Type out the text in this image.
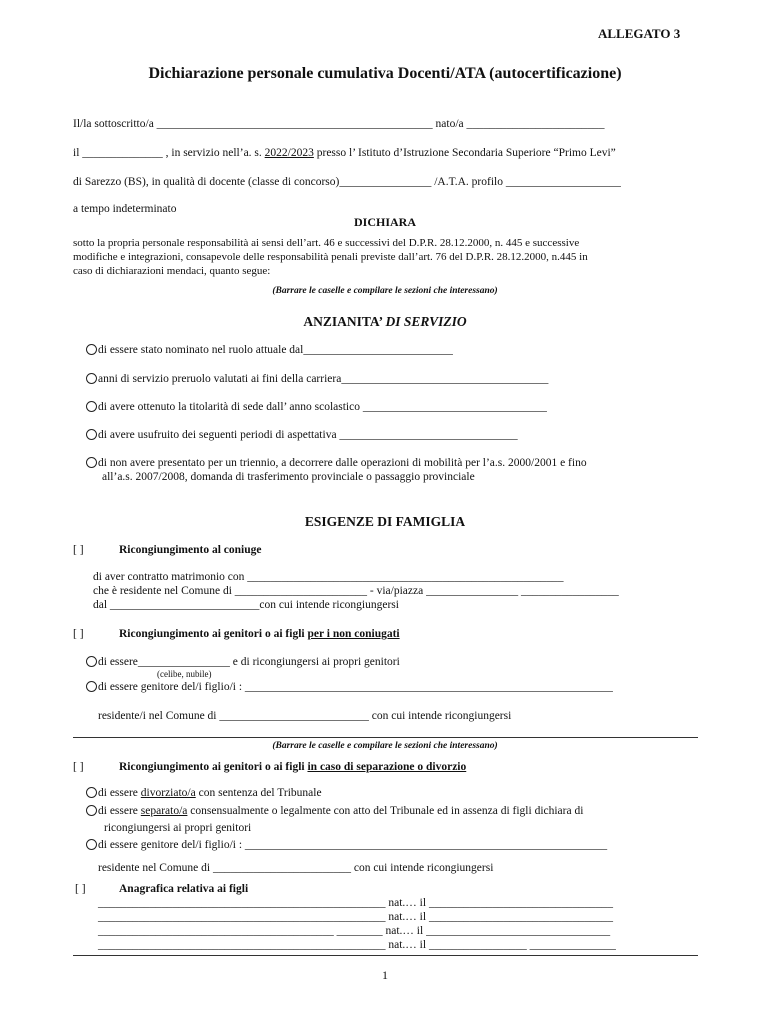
ALLEGATO 3
Dichiarazione personale cumulativa Docenti/ATA (autocertificazione)
Il/la sottoscritto/a ________________________________________________ nato/a ________________________
il ______________ , in servizio nell’a. s. 2022/2023 presso l’ Istituto d’Istruzione Secondaria Superiore “Primo Levi”
di Sarezzo (BS), in qualità di docente (classe di concorso)________________ /A.T.A. profilo ____________________
a tempo indeterminato
DICHIARA
sotto la propria personale responsabilità ai sensi dell’art. 46 e successivi del D.P.R. 28.12.2000, n. 445 e successive
modifiche e integrazioni, consapevole delle responsabilità penali previste dall’art. 76 del D.P.R. 28.12.2000, n.445 in
caso di dichiarazioni mendaci, quanto segue:
(Barrare le caselle e compilare le sezioni che interessano)
ANZIANITA’ DI SERVIZIO
di essere stato nominato nel ruolo attuale dal__________________________
anni di servizio preruolo valutati ai fini della carriera____________________________________
di avere ottenuto la titolarità di sede dall’ anno scolastico ________________________________
di avere usufruito dei seguenti periodi di aspettativa _______________________________
di non avere presentato per un triennio, a decorrere dalle operazioni di mobilità per l’a.s. 2000/2001 e fino
all’a.s. 2007/2008, domanda di trasferimento provinciale o passaggio provinciale
ESIGENZE DI FAMIGLIA
[ ]	Ricongiungimento al coniuge
di aver contratto matrimonio con _______________________________________________________
che è residente nel Comune di _______________________ - via/piazza ________________ _________________
dal __________________________con cui intende ricongiungersi
[ ]	Ricongiungimento ai genitori o ai figli per i non coniugati
di essere________________ e di ricongiungersi ai propri genitori
(celibe, nubile)
di essere genitore del/i figlio/i : ________________________________________________________________
residente/i nel Comune di __________________________ con cui intende ricongiungersi
(Barrare le caselle e compilare le sezioni che interessano)
[ ]	Ricongiungimento ai genitori o ai figli in caso di separazione o divorzio
di essere divorziato/a con sentenza del Tribunale
di essere separato/a consensualmente o legalmente con atto del Tribunale ed in assenza di figli dichiara di
ricongiungersi ai propri genitori
di essere genitore del/i figlio/i : _______________________________________________________________
residente nel Comune di ________________________ con cui intende ricongiungersi
[ ]	Anagrafica relativa ai figli
__________________________________________________ nat.… il ________________________________
__________________________________________________ nat.… il ________________________________
_________________________________________ ________ nat.… il ________________________________
__________________________________________________ nat.… il _________________ _______________
1
